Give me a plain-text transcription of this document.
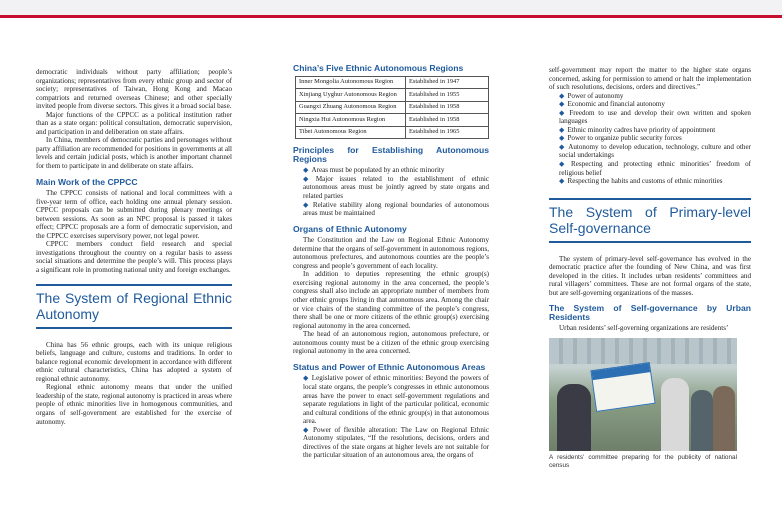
democratic individuals without party affiliation; people’s organizations; representatives from every ethnic group and sector of society; representatives of Taiwan, Hong Kong and Macao compatriots and returned overseas Chinese; and other specially invited people from diverse sectors. This gives it a broad social base.

Major functions of the CPPCC as a political institution rather than as a state organ: political consultation, democratic supervision, and participation in and deliberation on state affairs.

In China, members of democratic parties and personages without party affiliation are recommended for positions in governments at all levels and certain judicial posts, which is another important channel for them to participate in and deliberate on state affairs.

Main Work of the CPPCC

The CPPCC consists of national and local committees with a five-year term of office, each holding one annual plenary session. CPPCC proposals can be submitted during plenary meetings or between sessions. As soon as an NPC proposal is passed it takes effect; CPPCC proposals are a form of democratic supervision, and the CPPCC exercises supervisory power, not legal power.

CPPCC members conduct field research and special investigations throughout the country on a regular basis to assess social situations and determine the people’s will. This process plays a significant role in promoting national unity and foreign exchanges.

The System of Regional Ethnic Autonomy

China has 56 ethnic groups, each with its unique religious beliefs, language and culture, customs and traditions. In order to balance regional economic development in accordance with different ethnic cultural characteristics, China has adopted a system of regional ethnic autonomy.

Regional ethnic autonomy means that under the unified leadership of the state, regional autonomy is practiced in areas where people of ethnic minorities live in homogenous communities, and organs of self-government are established for the exercise of autonomy.

China’s Five Ethnic Autonomous Regions
Inner Mongolia Autonomous Region	Established in 1947
Xinjiang Uyghur Autonomous Region	Established in 1955
Guangxi Zhuang Autonomous Region	Established in 1958
Ningxia Hui Autonomous Region	Established in 1958
Tibet Autonomous Region	Established in 1965
Principles for Establishing Autonomous Regions

◆ Areas must be populated by an ethnic minority

◆ Major issues related to the establishment of ethnic autonomous areas must be jointly agreed by state organs and related parties

◆ Relative stability along regional boundaries of autonomous areas must be maintained

Organs of Ethnic Autonomy

The Constitution and the Law on Regional Ethnic Autonomy determine that the organs of self-government in autonomous regions, autonomous prefectures, and autonomous counties are the people’s congress and people’s government of each locality.

In addition to deputies representing the ethnic group(s) exercising regional autonomy in the area concerned, the people’s congress shall also include an appropriate number of members from other ethnic groups living in that autonomous area. Among the chair or vice chairs of the standing committee of the people’s congress, there shall be one or more citizens of the ethnic group(s) exercising regional autonomy in the area concerned.

The head of an autonomous region, autonomous prefecture, or autonomous county must be a citizen of the ethnic group exercising regional autonomy in the area concerned.

Status and Power of Ethnic Autonomous Areas

◆ Legislative power of ethnic minorities: Beyond the powers of local state organs, the people’s congresses in ethnic autonomous areas have the power to enact self-government regulations and separate regulations in light of the particular political, economic and cultural conditions of the ethnic group(s) in that autonomous area.

◆ Power of flexible alteration: The Law on Regional Ethnic Autonomy stipulates, “If the resolutions, decisions, orders and directives of the state organs at higher levels are not suitable for the particular situation of an autonomous area, the organs of

self-government may report the matter to the higher state organs concerned, asking for permission to amend or halt the implementation of such resolutions, decisions, orders and directives.”

◆ Power of autonomy

◆ Economic and financial autonomy

◆ Freedom to use and develop their own written and spoken languages

◆ Ethnic minority cadres have priority of appointment

◆ Power to organize public security forces

◆ Autonomy to develop education, technology, culture and other social undertakings

◆ Respecting and protecting ethnic minorities’ freedom of religious belief

◆ Respecting the habits and customs of ethnic minorities

The System of Primary-level Self-governance

The system of primary-level self-governance has evolved in the democratic practice after the founding of New China, and was first developed in the cities. It includes urban residents’ committees and rural villagers’ committees. These are not formal organs of the state, but are self-governing organizations of the masses.

The System of Self-governance by Urban Residents

Urban residents’ self-governing organizations are residents’

A residents’ committee preparing for the publicity of national census
